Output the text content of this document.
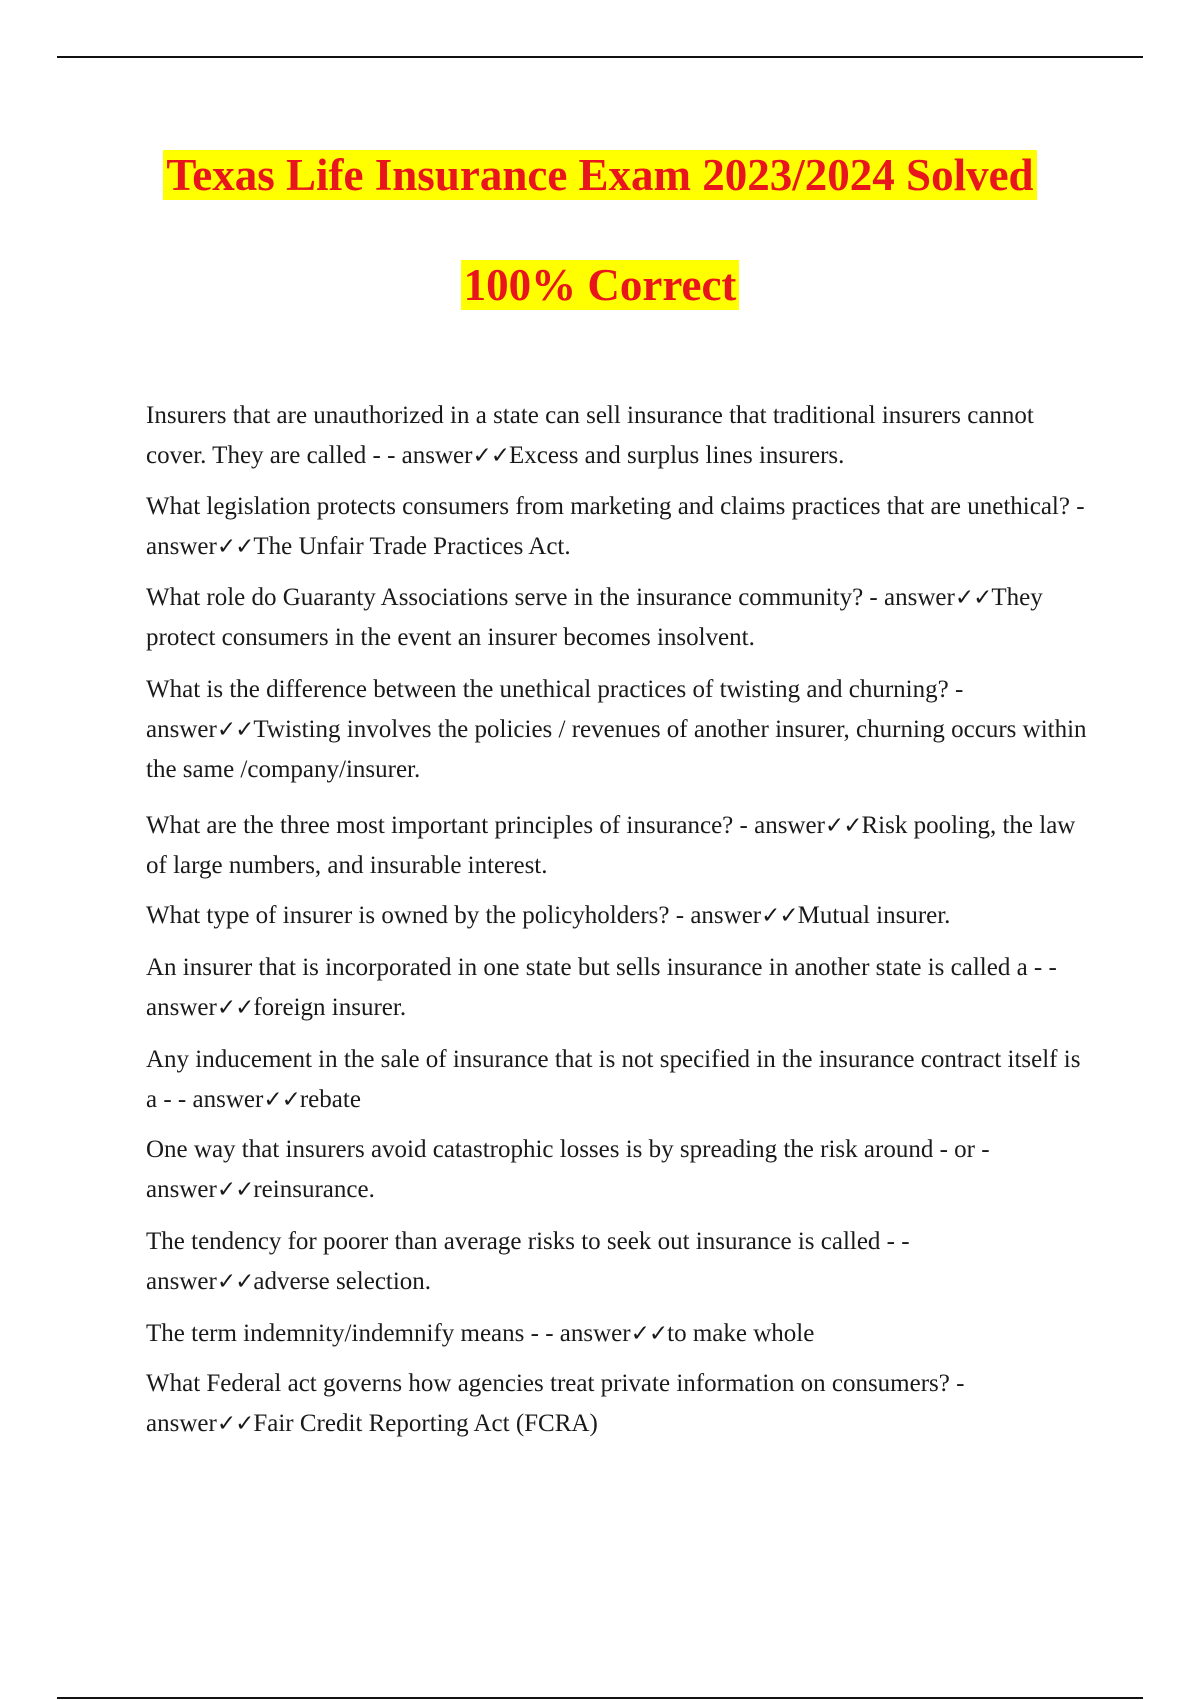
Texas Life Insurance Exam 2023/2024 Solved
100% Correct

Insurers that are unauthorized in a state can sell insurance that traditional insurers cannot cover. They are called - - answer✓✓Excess and surplus lines insurers.

What legislation protects consumers from marketing and claims practices that are unethical? - answer✓✓The Unfair Trade Practices Act.

What role do Guaranty Associations serve in the insurance community? - answer✓✓They protect consumers in the event an insurer becomes insolvent.

What is the difference between the unethical practices of twisting and churning? - answer✓✓Twisting involves the policies / revenues of another insurer, churning occurs within the same /company/insurer.

What are the three most important principles of insurance? - answer✓✓Risk pooling, the law of large numbers, and insurable interest.

What type of insurer is owned by the policyholders? - answer✓✓Mutual insurer.

An insurer that is incorporated in one state but sells insurance in another state is called a - - answer✓✓foreign insurer.

Any inducement in the sale of insurance that is not specified in the insurance contract itself is a - - answer✓✓rebate

One way that insurers avoid catastrophic losses is by spreading the risk around - or - answer✓✓reinsurance.

The tendency for poorer than average risks to seek out insurance is called - - answer✓✓adverse selection.

The term indemnity/indemnify means - - answer✓✓to make whole

What Federal act governs how agencies treat private information on consumers? - answer✓✓Fair Credit Reporting Act (FCRA)
